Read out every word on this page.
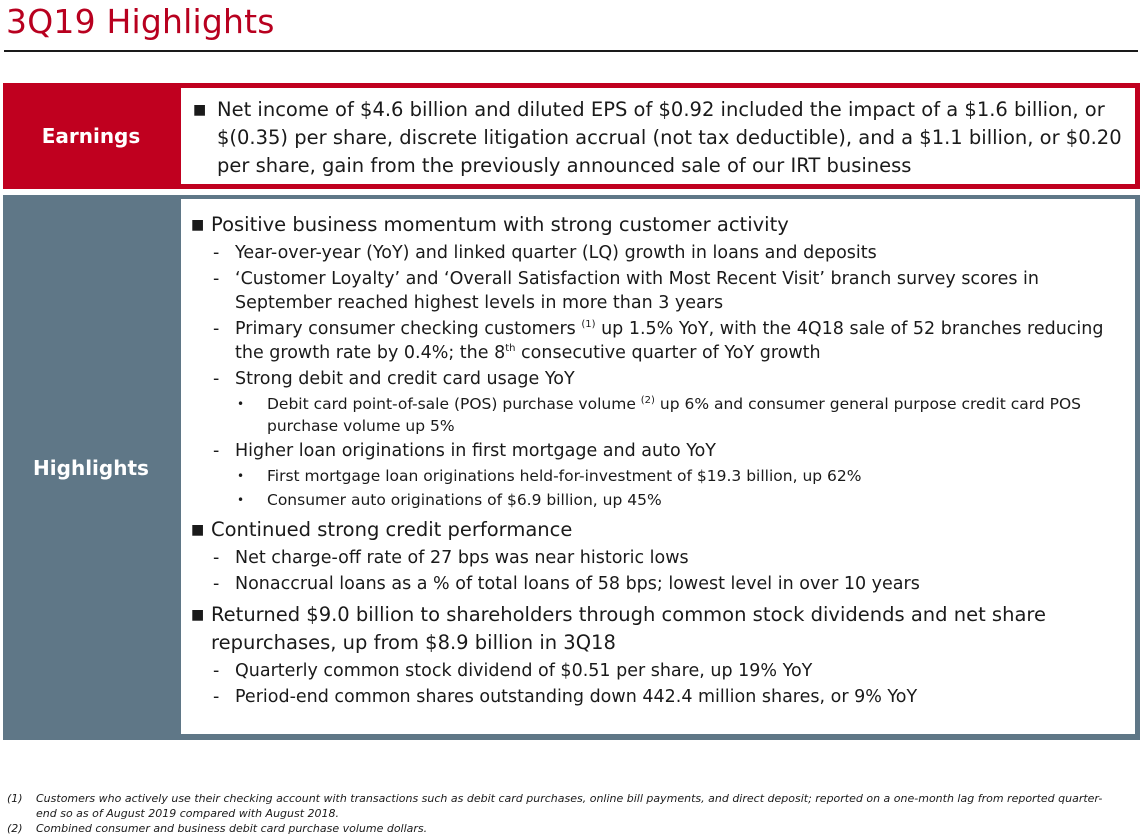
3Q19 Highlights
Earnings
■ Net income of $4.6 billion and diluted EPS of $0.92 included the impact of a $1.6 billion, or $(0.35) per share, discrete litigation accrual (not tax deductible), and a $1.1 billion, or $0.20 per share, gain from the previously announced sale of our IRT business
Highlights
■ Positive business momentum with strong customer activity
- Year-over-year (YoY) and linked quarter (LQ) growth in loans and deposits
- ‘Customer Loyalty’ and ‘Overall Satisfaction with Most Recent Visit’ branch survey scores in September reached highest levels in more than 3 years
- Primary consumer checking customers $^{(1)}$ up 1.5% YoY, with the 4Q18 sale of 52 branches reducing the growth rate by 0.4%; the 8th consecutive quarter of YoY growth
- Strong debit and credit card usage YoY
•	Debit card point-of-sale (POS) purchase volume $^{(2)}$ up 6% and consumer general purpose credit card POS purchase volume up 5%
- Higher loan originations in first mortgage and auto YoY
•	First mortgage loan originations held-for-investment of $19.3 billion, up 62%
•	Consumer auto originations of $6.9 billion, up 45%
■ Continued strong credit performance
- Net charge-off rate of 27 bps was near historic lows
- Nonaccrual loans as a % of total loans of 58 bps; lowest level in over 10 years
■ Returned $9.0 billion to shareholders through common stock dividends and net share repurchases, up from $8.9 billion in 3Q18
- Quarterly common stock dividend of $0.51 per share, up 19% YoY
- Period-end common shares outstanding down 442.4 million shares, or 9% YoY
(1)	Customers who actively use their checking account with transactions such as debit card purchases, online bill payments, and direct deposit; reported on a one-month lag from reported quarter-end so as of August 2019 compared with August 2018.
(2)	Combined consumer and business debit card purchase volume dollars.
